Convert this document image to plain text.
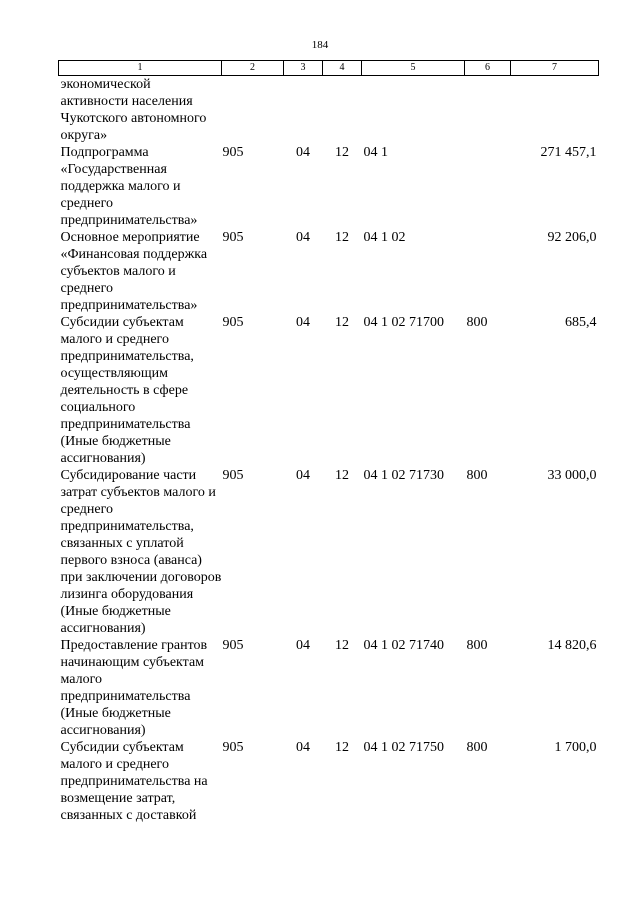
184
1	2	3	4	5	6	7
экономической активности населения Чукотского автономного округа»						
Подпрограмма «Государственная поддержка малого и среднего предпринимательства»	905	04	12	04 1		271 457,1
Основное мероприятие «Финансовая поддержка субъектов малого и среднего предпринимательства»	905	04	12	04 1 02		92 206,0
Субсидии субъектам малого и среднего предпринимательства, осуществляющим деятельность в сфере социального предпринимательства (Иные бюджетные ассигнования)	905	04	12	04 1 02 71700	800	685,4
Субсидирование части затрат субъектов малого и среднего предпринимательства, связанных с уплатой первого взноса (аванса) при заключении договоров лизинга оборудования (Иные бюджетные ассигнования)	905	04	12	04 1 02 71730	800	33 000,0
Предоставление грантов начинающим субъектам малого предпринимательства (Иные бюджетные ассигнования)	905	04	12	04 1 02 71740	800	14 820,6
Субсидии субъектам малого и среднего предпринимательства на возмещение затрат, связанных с доставкой	905	04	12	04 1 02 71750	800	1 700,0
